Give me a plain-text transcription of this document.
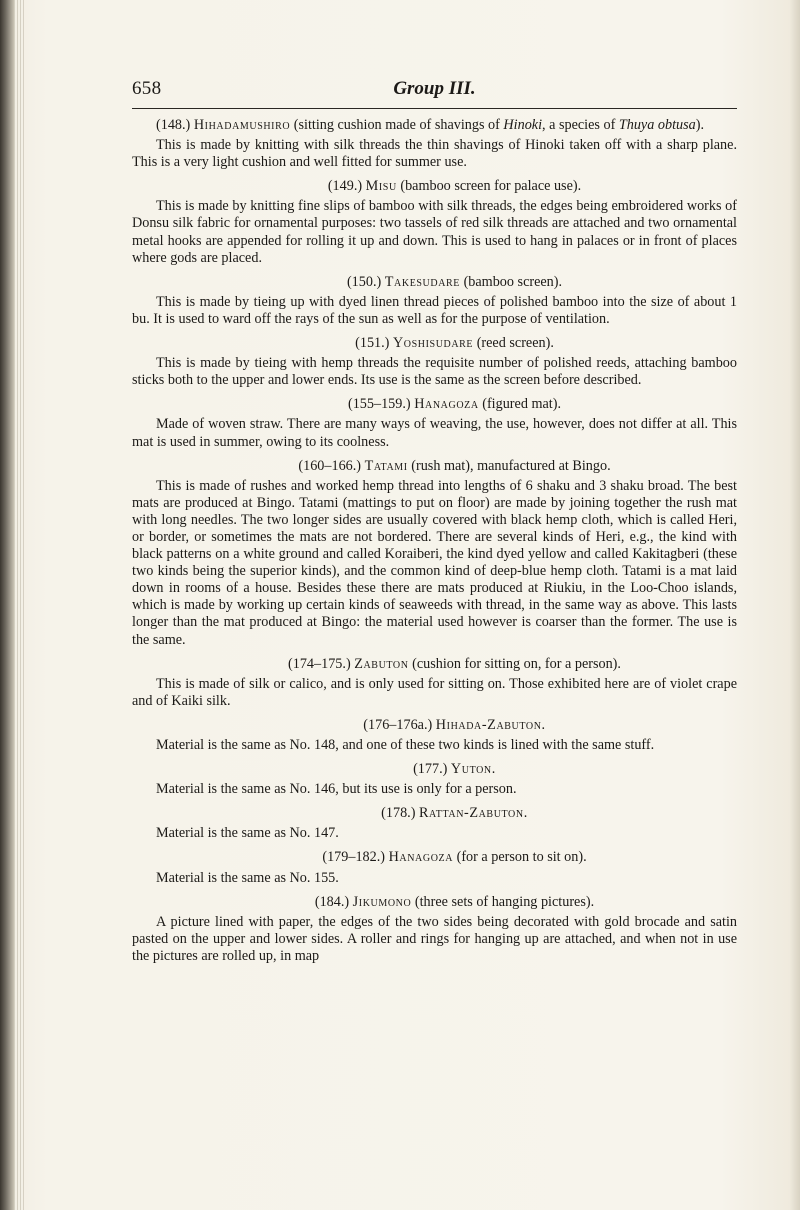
658	Group III.

(148.) Hihadamushiro (sitting cushion made of shavings of Hinoki, a species of Thuya obtusa).

This is made by knitting with silk threads the thin shavings of Hinoki taken off with a sharp plane. This is a very light cushion and well fitted for summer use.

(149.) Misu (bamboo screen for palace use).

This is made by knitting fine slips of bamboo with silk threads, the edges being embroidered works of Donsu silk fabric for ornamental purposes: two tassels of red silk threads are attached and two ornamental metal hooks are appended for rolling it up and down. This is used to hang in palaces or in front of places where gods are placed.

(150.) Takesudare (bamboo screen).

This is made by tieing up with dyed linen thread pieces of polished bamboo into the size of about 1 bu. It is used to ward off the rays of the sun as well as for the purpose of ventilation.

(151.) Yoshisudare (reed screen).

This is made by tieing with hemp threads the requisite number of polished reeds, attaching bamboo sticks both to the upper and lower ends. Its use is the same as the screen before described.

(155–159.) Hanagoza (figured mat).

Made of woven straw. There are many ways of weaving, the use, however, does not differ at all. This mat is used in summer, owing to its coolness.

(160–166.) Tatami (rush mat), manufactured at Bingo.

This is made of rushes and worked hemp thread into lengths of 6 shaku and 3 shaku broad. The best mats are produced at Bingo. Tatami (mattings to put on floor) are made by joining together the rush mat with long needles. The two longer sides are usually covered with black hemp cloth, which is called Heri, or border, or sometimes the mats are not bordered. There are several kinds of Heri, e.g., the kind with black patterns on a white ground and called Koraiberi, the kind dyed yellow and called Kakitagberi (these two kinds being the superior kinds), and the common kind of deep-blue hemp cloth. Tatami is a mat laid down in rooms of a house. Besides these there are mats produced at Riukiu, in the Loo-Choo islands, which is made by working up certain kinds of seaweeds with thread, in the same way as above. This lasts longer than the mat produced at Bingo: the material used however is coarser than the former. The use is the same.

(174–175.) Zabuton (cushion for sitting on, for a person).

This is made of silk or calico, and is only used for sitting on. Those exhibited here are of violet crape and of Kaiki silk.

(176–176a.) Hihada-Zabuton.

Material is the same as No. 148, and one of these two kinds is lined with the same stuff.

(177.) Yuton.

Material is the same as No. 146, but its use is only for a person.

(178.) Rattan-Zabuton.

Material is the same as No. 147.

(179–182.) Hanagoza (for a person to sit on).

Material is the same as No. 155.

(184.) Jikumono (three sets of hanging pictures).

A picture lined with paper, the edges of the two sides being decorated with gold brocade and satin pasted on the upper and lower sides. A roller and rings for hanging up are attached, and when not in use the pictures are rolled up, in map
